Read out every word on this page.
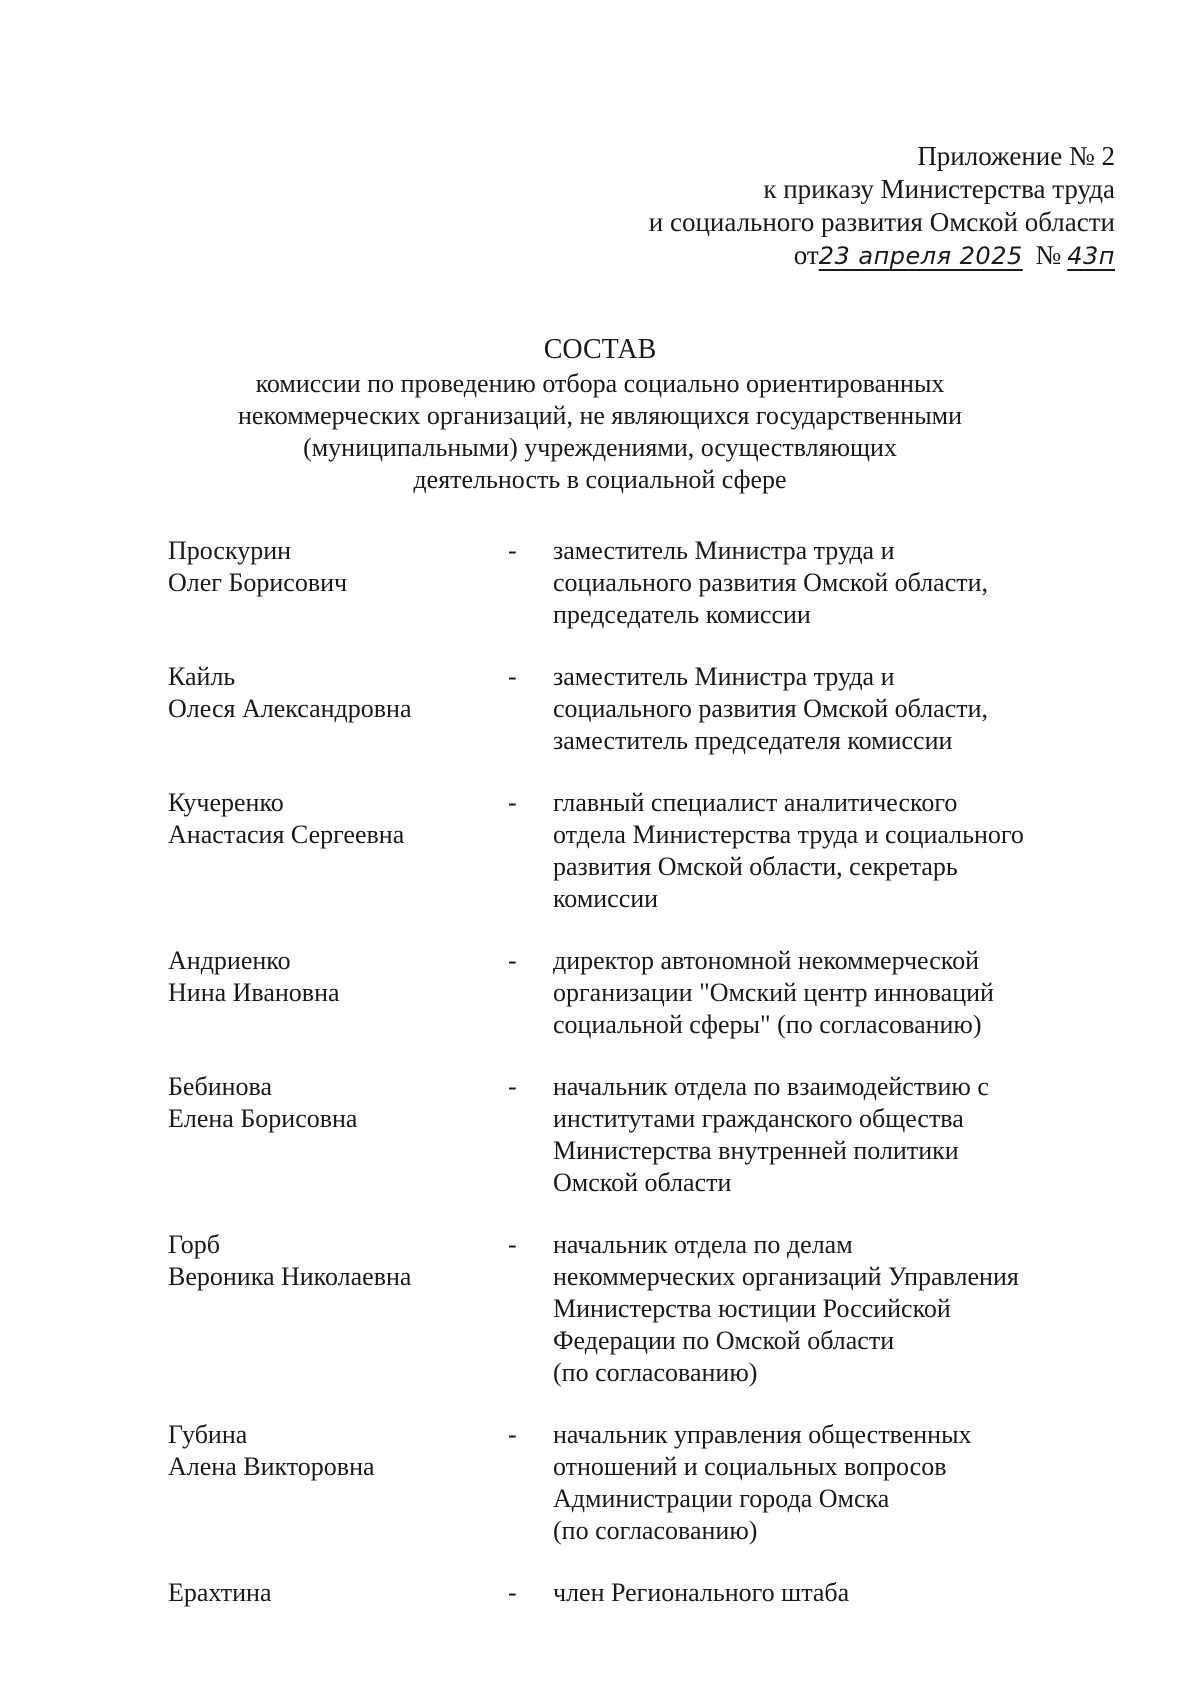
Приложение № 2
к приказу Министерства труда
и социального развития Омской области
от23 апреля 2025 № 43п
СОСТАВ
комиссии по проведению отбора социально ориентированных
некоммерческих организаций, не являющихся государственными
(муниципальными) учреждениями, осуществляющих
деятельность в социальной сфере
Проскурин
Олег Борисович
- заместитель Министра труда и
социального развития Омской области,
председатель комиссии
Кайль
Олеся Александровна
- заместитель Министра труда и
социального развития Омской области,
заместитель председателя комиссии
Кучеренко
Анастасия Сергеевна
- главный специалист аналитического
отдела Министерства труда и социального
развития Омской области, секретарь
комиссии
Андриенко
Нина Ивановна
- директор автономной некоммерческой
организации "Омский центр инноваций
социальной сферы" (по согласованию)
Бебинова
Елена Борисовна
- начальник отдела по взаимодействию с
институтами гражданского общества
Министерства внутренней политики
Омской области
Горб
Вероника Николаевна
- начальник отдела по делам
некоммерческих организаций Управления
Министерства юстиции Российской
Федерации по Омской области
(по согласованию)
Губина
Алена Викторовна
- начальник управления общественных
отношений и социальных вопросов
Администрации города Омска
(по согласованию)
Ерахтина	- член Регионального штаба
